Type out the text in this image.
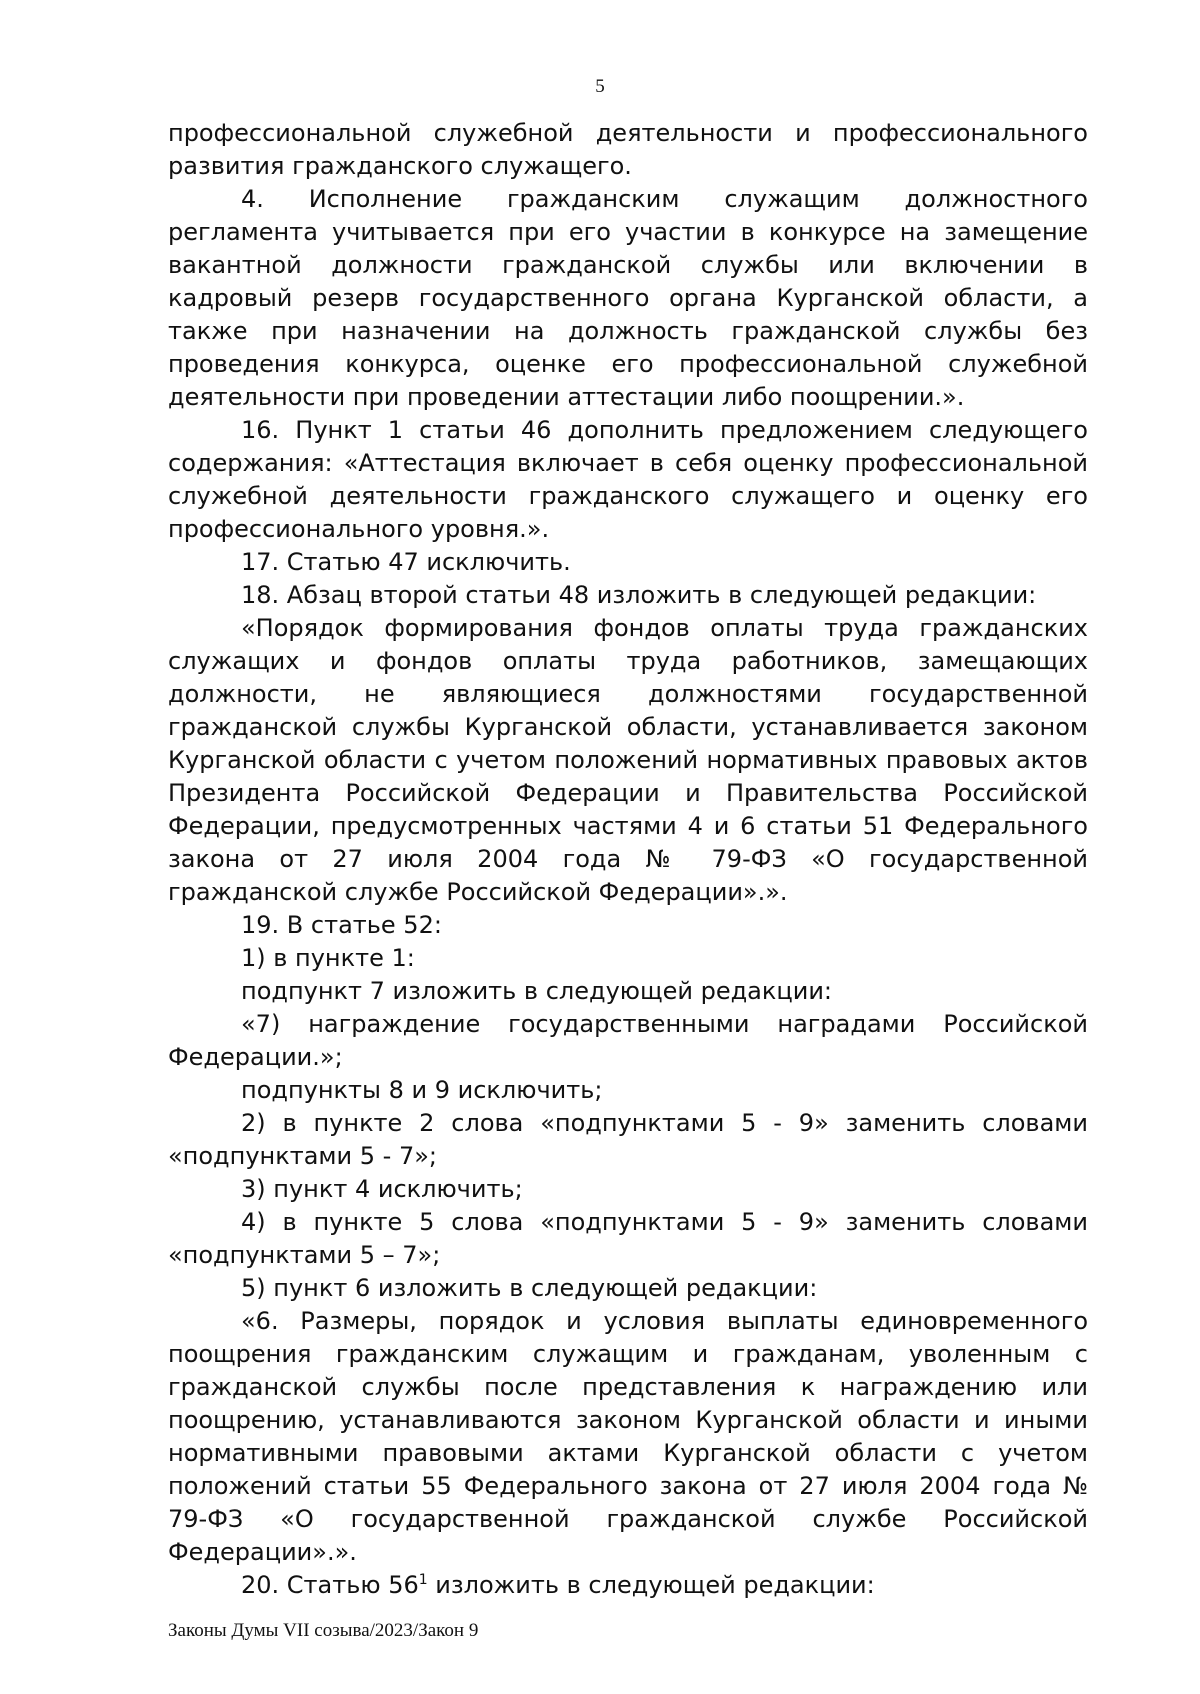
5

профессиональной служебной деятельности и профессионального развития гражданского служащего.

4. Исполнение гражданским служащим должностного регламента учитывается при его участии в конкурсе на замещение вакантной должности гражданской службы или включении в кадровый резерв государственного органа Курганской области, а также при назначении на должность гражданской службы без проведения конкурса, оценке его профессиональной служебной деятельности при проведении аттестации либо поощрении.».

16. Пункт 1 статьи 46 дополнить предложением следующего содержания: «Аттестация включает в себя оценку профессиональной служебной деятельности гражданского служащего и оценку его профессионального уровня.».

17. Статью 47 исключить.

18. Абзац второй статьи 48 изложить в следующей редакции:

«Порядок формирования фондов оплаты труда гражданских служащих и фондов оплаты труда работников, замещающих должности, не являющиеся должностями государственной гражданской службы Курганской области, устанавливается законом Курганской области с учетом положений нормативных правовых актов Президента Российской Федерации и Правительства Российской Федерации, предусмотренных частями 4 и 6 статьи 51 Федерального закона от 27 июля 2004 года № 79-ФЗ «О государственной гражданской службе Российской Федерации».».

19. В статье 52:

1) в пункте 1:

подпункт 7 изложить в следующей редакции:

«7) награждение государственными наградами Российской Федерации.»;

подпункты 8 и 9 исключить;

2) в пункте 2 слова «подпунктами 5 - 9» заменить словами «подпунктами 5 - 7»;

3) пункт 4 исключить;

4) в пункте 5 слова «подпунктами 5 - 9» заменить словами «подпунктами 5 – 7»;

5) пункт 6 изложить в следующей редакции:

«6. Размеры, порядок и условия выплаты единовременного поощрения гражданским служащим и гражданам, уволенным с гражданской службы после представления к награждению или поощрению, устанавливаются законом Курганской области и иными нормативными правовыми актами Курганской области с учетом положений статьи 55 Федерального закона от 27 июля 2004 года № 79-ФЗ «О государственной гражданской службе Российской Федерации».».

20. Статью $56^1$ изложить в следующей редакции:

Законы Думы VII созыва/2023/Закон 9
